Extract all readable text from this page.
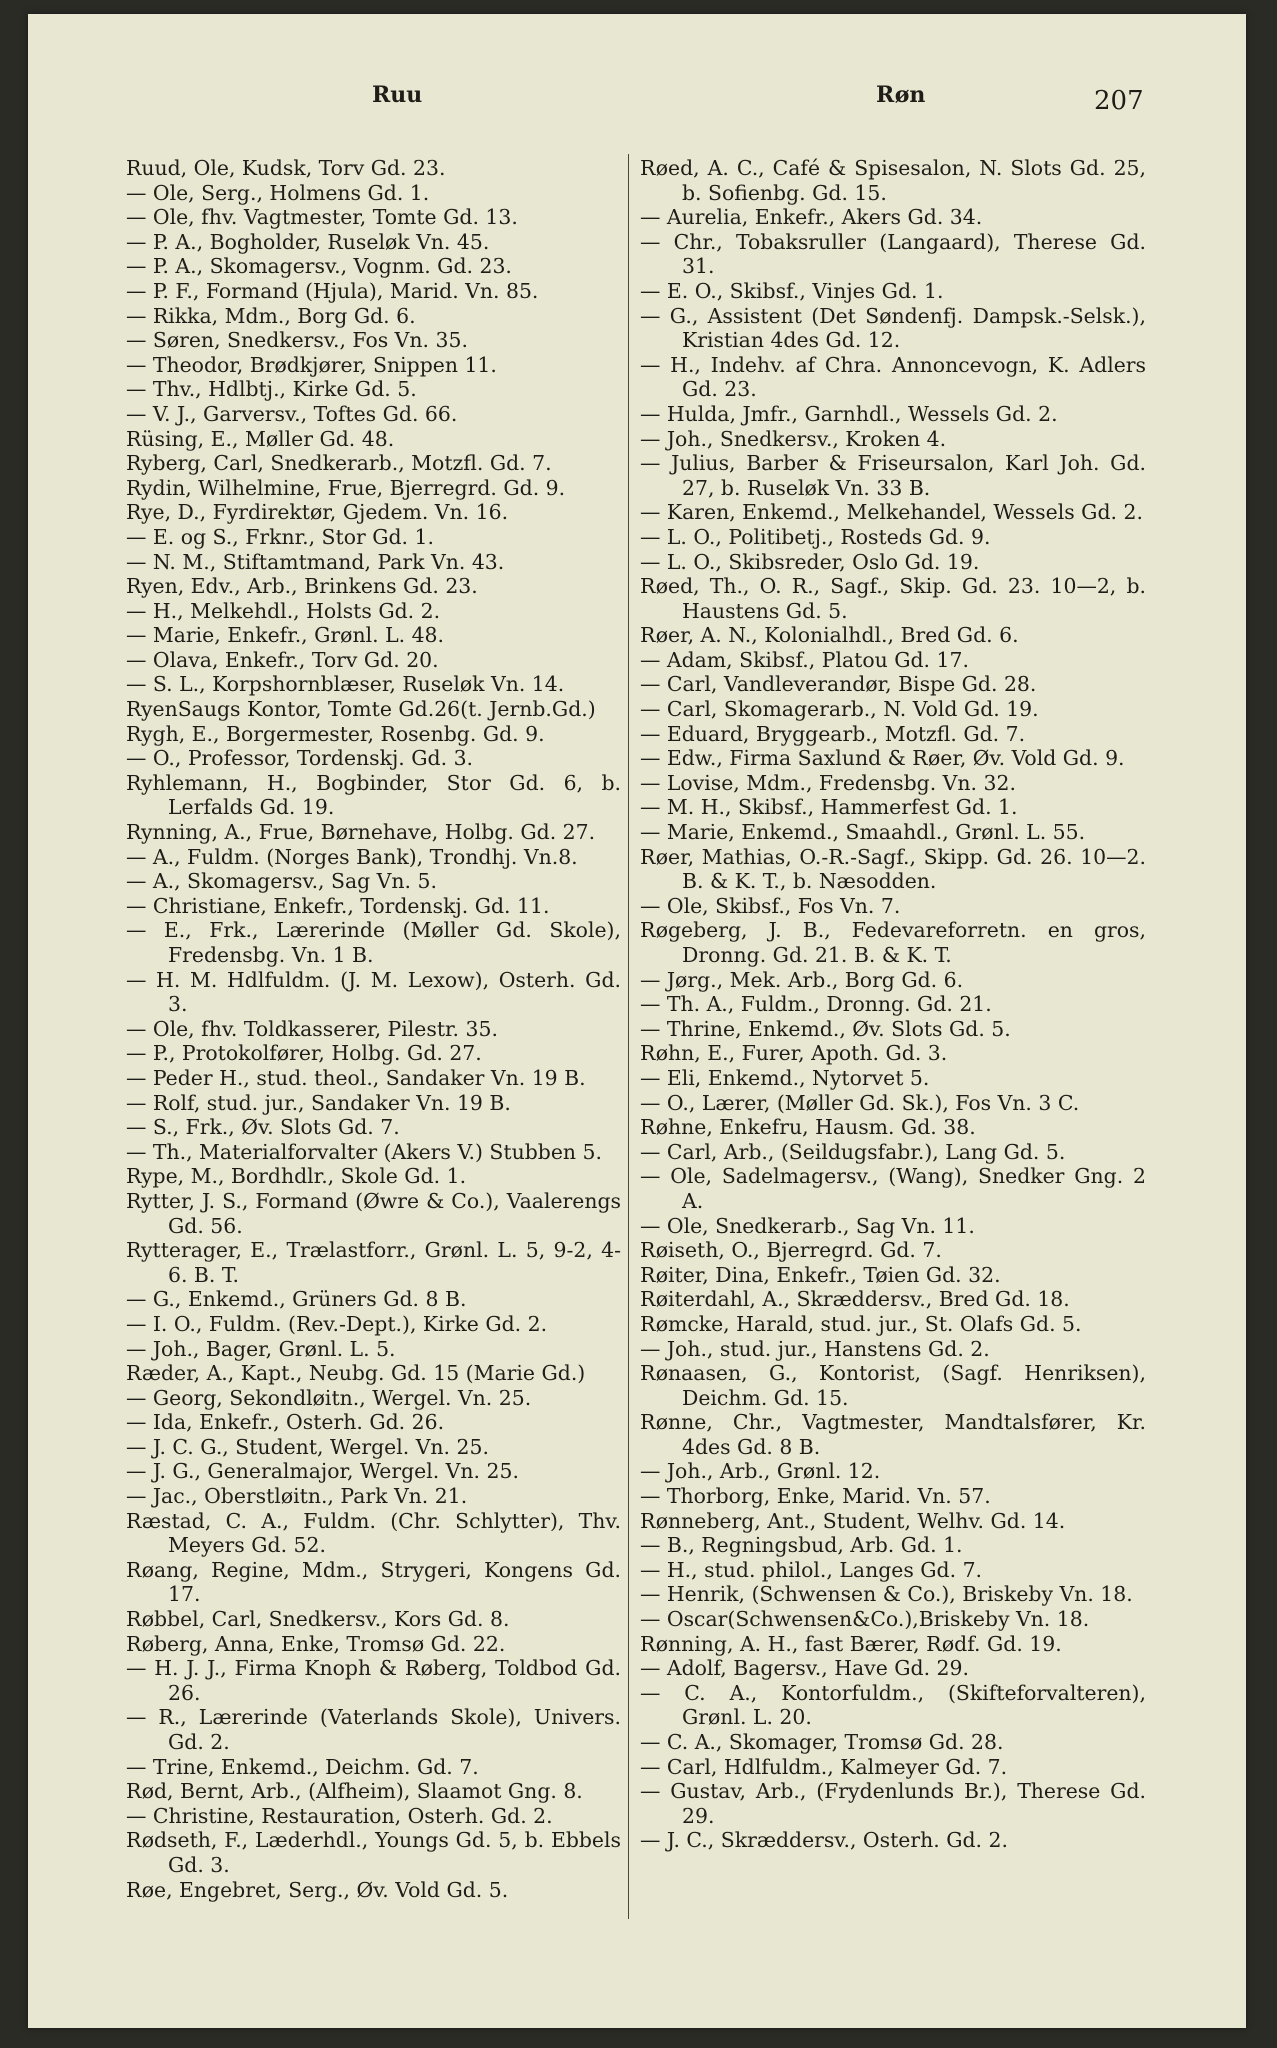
Ruu	Røn	207
Ruud, Ole, Kudsk, Torv Gd. 23.
— Ole, Serg., Holmens Gd. 1.
— Ole, fhv. Vagtmester, Tomte Gd. 13.
— P. A., Bogholder, Ruseløk Vn. 45.
— P. A., Skomagersv., Vognm. Gd. 23.
— P. F., Formand (Hjula), Marid. Vn. 85.
— Rikka, Mdm., Borg Gd. 6.
— Søren, Snedkersv., Fos Vn. 35.
— Theodor, Brødkjører, Snippen 11.
— Thv., Hdlbtj., Kirke Gd. 5.
— V. J., Garversv., Toftes Gd. 66.
Rüsing, E., Møller Gd. 48.
Ryberg, Carl, Snedkerarb., Motzfl. Gd. 7.
Rydin, Wilhelmine, Frue, Bjerregrd. Gd. 9.
Rye, D., Fyrdirektør, Gjedem. Vn. 16.
— E. og S., Frknr., Stor Gd. 1.
— N. M., Stiftamtmand, Park Vn. 43.
Ryen, Edv., Arb., Brinkens Gd. 23.
— H., Melkehdl., Holsts Gd. 2.
— Marie, Enkefr., Grønl. L. 48.
— Olava, Enkefr., Torv Gd. 20.
— S. L., Korpshornblæser, Ruseløk Vn. 14.
RyenSaugs Kontor, Tomte Gd.26(t. Jernb.Gd.)
Rygh, E., Borgermester, Rosenbg. Gd. 9.
— O., Professor, Tordenskj. Gd. 3.
Ryhlemann, H., Bogbinder, Stor Gd. 6, b. Lerfalds Gd. 19.
Rynning, A., Frue, Børnehave, Holbg. Gd. 27.
— A., Fuldm. (Norges Bank), Trondhj. Vn.8.
— A., Skomagersv., Sag Vn. 5.
— Christiane, Enkefr., Tordenskj. Gd. 11.
— E., Frk., Lærerinde (Møller Gd. Skole), Fredensbg. Vn. 1 B.
— H. M. Hdlfuldm. (J. M. Lexow), Osterh. Gd. 3.
— Ole, fhv. Toldkasserer, Pilestr. 35.
— P., Protokolfører, Holbg. Gd. 27.
— Peder H., stud. theol., Sandaker Vn. 19 B.
— Rolf, stud. jur., Sandaker Vn. 19 B.
— S., Frk., Øv. Slots Gd. 7.
— Th., Materialforvalter (Akers V.) Stubben 5.
Rype, M., Bordhdlr., Skole Gd. 1.
Rytter, J. S., Formand (Øwre & Co.), Vaalerengs Gd. 56.
Rytterager, E., Trælastforr., Grønl. L. 5, 9-2, 4-6. B. T.
— G., Enkemd., Grüners Gd. 8 B.
— I. O., Fuldm. (Rev.-Dept.), Kirke Gd. 2.
— Joh., Bager, Grønl. L. 5.
Ræder, A., Kapt., Neubg. Gd. 15 (Marie Gd.)
— Georg, Sekondløitn., Wergel. Vn. 25.
— Ida, Enkefr., Osterh. Gd. 26.
— J. C. G., Student, Wergel. Vn. 25.
— J. G., Generalmajor, Wergel. Vn. 25.
— Jac., Oberstløitn., Park Vn. 21.
Ræstad, C. A., Fuldm. (Chr. Schlytter), Thv. Meyers Gd. 52.
Røang, Regine, Mdm., Strygeri, Kongens Gd. 17.
Røbbel, Carl, Snedkersv., Kors Gd. 8.
Røberg, Anna, Enke, Tromsø Gd. 22.
— H. J. J., Firma Knoph & Røberg, Toldbod Gd. 26.
— R., Lærerinde (Vaterlands Skole), Univers. Gd. 2.
— Trine, Enkemd., Deichm. Gd. 7.
Rød, Bernt, Arb., (Alfheim), Slaamot Gng. 8.
— Christine, Restauration, Osterh. Gd. 2.
Rødseth, F., Læderhdl., Youngs Gd. 5, b. Ebbels Gd. 3.
Røe, Engebret, Serg., Øv. Vold Gd. 5.
Røed, A. C., Café & Spisesalon, N. Slots Gd. 25, b. Sofienbg. Gd. 15.
— Aurelia, Enkefr., Akers Gd. 34.
— Chr., Tobaksruller (Langaard), Therese Gd. 31.
— E. O., Skibsf., Vinjes Gd. 1.
— G., Assistent (Det Søndenfj. Dampsk.-Selsk.), Kristian 4des Gd. 12.
— H., Indehv. af Chra. Annoncevogn, K. Adlers Gd. 23.
— Hulda, Jmfr., Garnhdl., Wessels Gd. 2.
— Joh., Snedkersv., Kroken 4.
— Julius, Barber & Friseursalon, Karl Joh. Gd. 27, b. Ruseløk Vn. 33 B.
— Karen, Enkemd., Melkehandel, Wessels Gd. 2.
— L. O., Politibetj., Rosteds Gd. 9.
— L. O., Skibsreder, Oslo Gd. 19.
Røed, Th., O. R., Sagf., Skip. Gd. 23. 10—2, b. Haustens Gd. 5.
Røer, A. N., Kolonialhdl., Bred Gd. 6.
— Adam, Skibsf., Platou Gd. 17.
— Carl, Vandleverandør, Bispe Gd. 28.
— Carl, Skomagerarb., N. Vold Gd. 19.
— Eduard, Bryggearb., Motzfl. Gd. 7.
— Edw., Firma Saxlund & Røer, Øv. Vold Gd. 9.
— Lovise, Mdm., Fredensbg. Vn. 32.
— M. H., Skibsf., Hammerfest Gd. 1.
— Marie, Enkemd., Smaahdl., Grønl. L. 55.
Røer, Mathias, O.-R.-Sagf., Skipp. Gd. 26. 10—2. B. & K. T., b. Næsodden.
— Ole, Skibsf., Fos Vn. 7.
Røgeberg, J. B., Fedevareforretn. en gros, Dronng. Gd. 21. B. & K. T.
— Jørg., Mek. Arb., Borg Gd. 6.
— Th. A., Fuldm., Dronng. Gd. 21.
— Thrine, Enkemd., Øv. Slots Gd. 5.
Røhn, E., Furer, Apoth. Gd. 3.
— Eli, Enkemd., Nytorvet 5.
— O., Lærer, (Møller Gd. Sk.), Fos Vn. 3 C.
Røhne, Enkefru, Hausm. Gd. 38.
— Carl, Arb., (Seildugsfabr.), Lang Gd. 5.
— Ole, Sadelmagersv., (Wang), Snedker Gng. 2 A.
— Ole, Snedkerarb., Sag Vn. 11.
Røiseth, O., Bjerregrd. Gd. 7.
Røiter, Dina, Enkefr., Tøien Gd. 32.
Røiterdahl, A., Skræddersv., Bred Gd. 18.
Rømcke, Harald, stud. jur., St. Olafs Gd. 5.
— Joh., stud. jur., Hanstens Gd. 2.
Rønaasen, G., Kontorist, (Sagf. Henriksen), Deichm. Gd. 15.
Rønne, Chr., Vagtmester, Mandtalsfører, Kr. 4des Gd. 8 B.
— Joh., Arb., Grønl. 12.
— Thorborg, Enke, Marid. Vn. 57.
Rønneberg, Ant., Student, Welhv. Gd. 14.
— B., Regningsbud, Arb. Gd. 1.
— H., stud. philol., Langes Gd. 7.
— Henrik, (Schwensen & Co.), Briskeby Vn. 18.
— Oscar(Schwensen&Co.),Briskeby Vn. 18.
Rønning, A. H., fast Bærer, Rødf. Gd. 19.
— Adolf, Bagersv., Have Gd. 29.
— C. A., Kontorfuldm., (Skifteforvalteren), Grønl. L. 20.
— C. A., Skomager, Tromsø Gd. 28.
— Carl, Hdlfuldm., Kalmeyer Gd. 7.
— Gustav, Arb., (Frydenlunds Br.), Therese Gd. 29.
— J. C., Skræddersv., Osterh. Gd. 2.
